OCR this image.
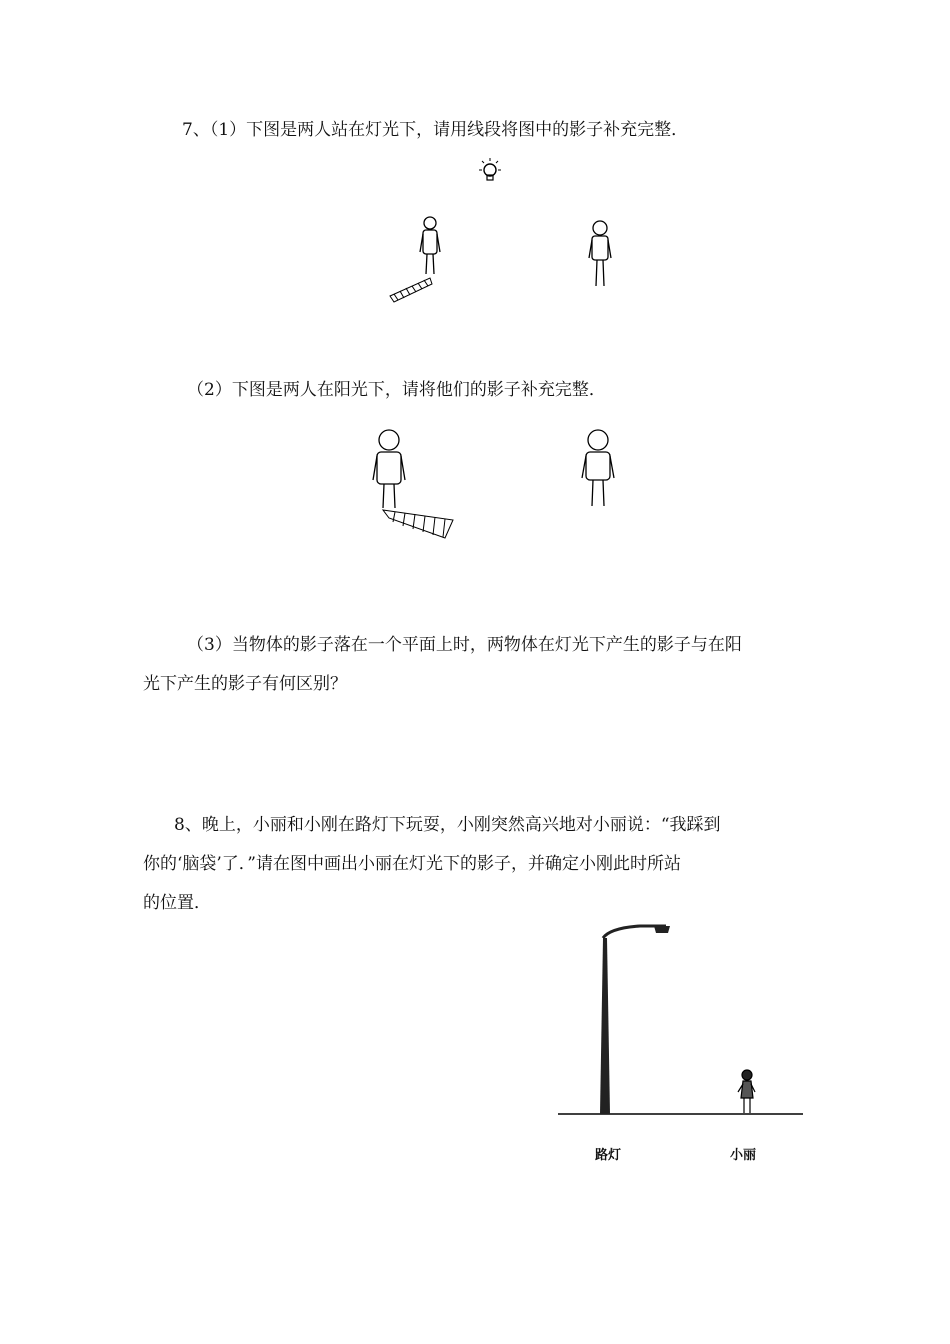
7、（1）下图是两人站在灯光下，请用线段将图中的影子补充完整．

（2）下图是两人在阳光下，请将他们的影子补充完整．

（3）当物体的影子落在一个平面上时，两物体在灯光下产生的影子与在阳

光下产生的影子有何区别？

8、晚上，小丽和小刚在路灯下玩耍，小刚突然高兴地对小丽说：“我踩到

你的‘脑袋’了．”请在图中画出小丽在灯光下的影子，并确定小刚此时所站

的位置．

路灯	小丽
